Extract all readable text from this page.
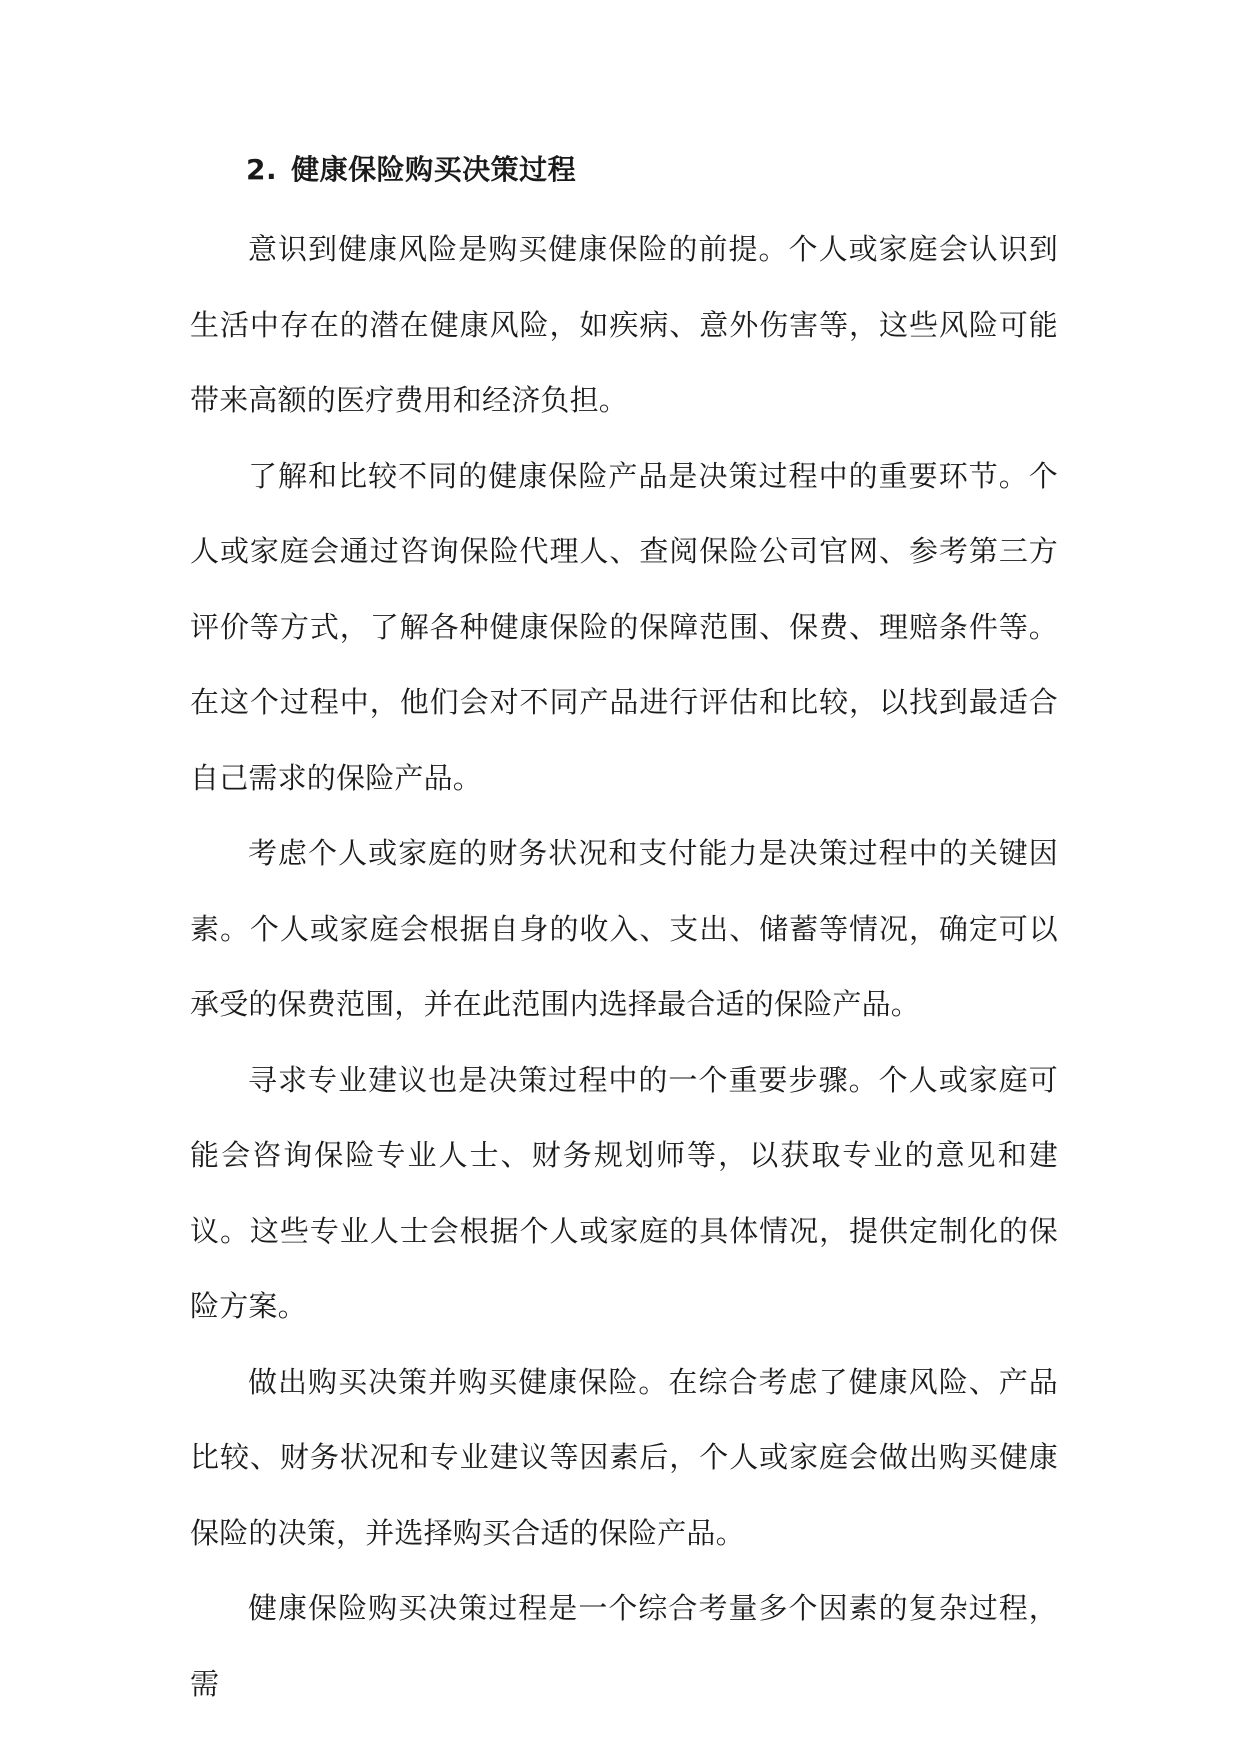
2. 健康保险购买决策过程

意识到健康风险是购买健康保险的前提。个人或家庭会认识到生活中存在的潜在健康风险，如疾病、意外伤害等，这些风险可能带来高额的医疗费用和经济负担。

了解和比较不同的健康保险产品是决策过程中的重要环节。个人或家庭会通过咨询保险代理人、查阅保险公司官网、参考第三方评价等方式，了解各种健康保险的保障范围、保费、理赔条件等。在这个过程中，他们会对不同产品进行评估和比较，以找到最适合自己需求的保险产品。

考虑个人或家庭的财务状况和支付能力是决策过程中的关键因素。个人或家庭会根据自身的收入、支出、储蓄等情况，确定可以承受的保费范围，并在此范围内选择最合适的保险产品。

寻求专业建议也是决策过程中的一个重要步骤。个人或家庭可能会咨询保险专业人士、财务规划师等，以获取专业的意见和建议。这些专业人士会根据个人或家庭的具体情况，提供定制化的保险方案。

做出购买决策并购买健康保险。在综合考虑了健康风险、产品比较、财务状况和专业建议等因素后，个人或家庭会做出购买健康保险的决策，并选择购买合适的保险产品。

健康保险购买决策过程是一个综合考量多个因素的复杂过程，需
